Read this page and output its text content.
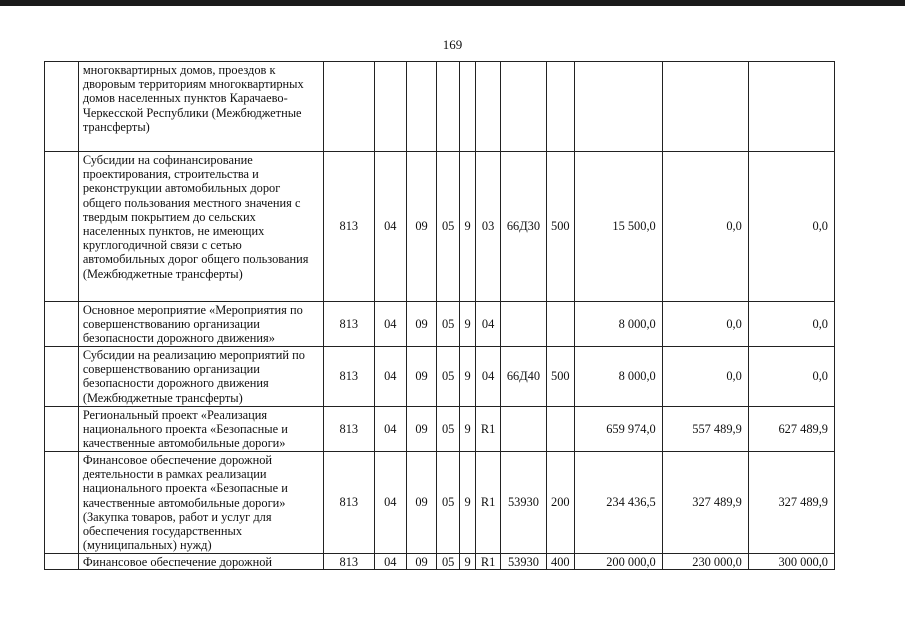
169
	многоквартирных домов, проездов к дворовым территориям многоквартирных домов населенных пунктов Карачаево-Черкесской Республики (Межбюджетные трансферты)											
	Субсидии на софинансирование проектирования, строительства и реконструкции автомобильных дорог общего пользования местного значения с твердым покрытием до сельских населенных пунктов, не имеющих круглогодичной связи с сетью автомобильных дорог общего пользования (Межбюджетные трансферты)	813	04	09	05	9	03	66Д30	500	15 500,0	0,0	0,0
	Основное мероприятие «Мероприятия по совершенствованию организации безопасности дорожного движения»	813	04	09	05	9	04			8 000,0	0,0	0,0
	Субсидии на реализацию мероприятий по совершенствованию организации безопасности дорожного движения (Межбюджетные трансферты)	813	04	09	05	9	04	66Д40	500	8 000,0	0,0	0,0
	Региональный проект «Реализация национального проекта «Безопасные и качественные автомобильные дороги»	813	04	09	05	9	R1			659 974,0	557 489,9	627 489,9
	Финансовое обеспечение дорожной деятельности в рамках реализации национального проекта «Безопасные и качественные автомобильные дороги» (Закупка товаров, работ и услуг для обеспечения государственных (муниципальных) нужд)	813	04	09	05	9	R1	53930	200	234 436,5	327 489,9	327 489,9
	Финансовое обеспечение дорожной	813	04	09	05	9	R1	53930	400	200 000,0	230 000,0	300 000,0
